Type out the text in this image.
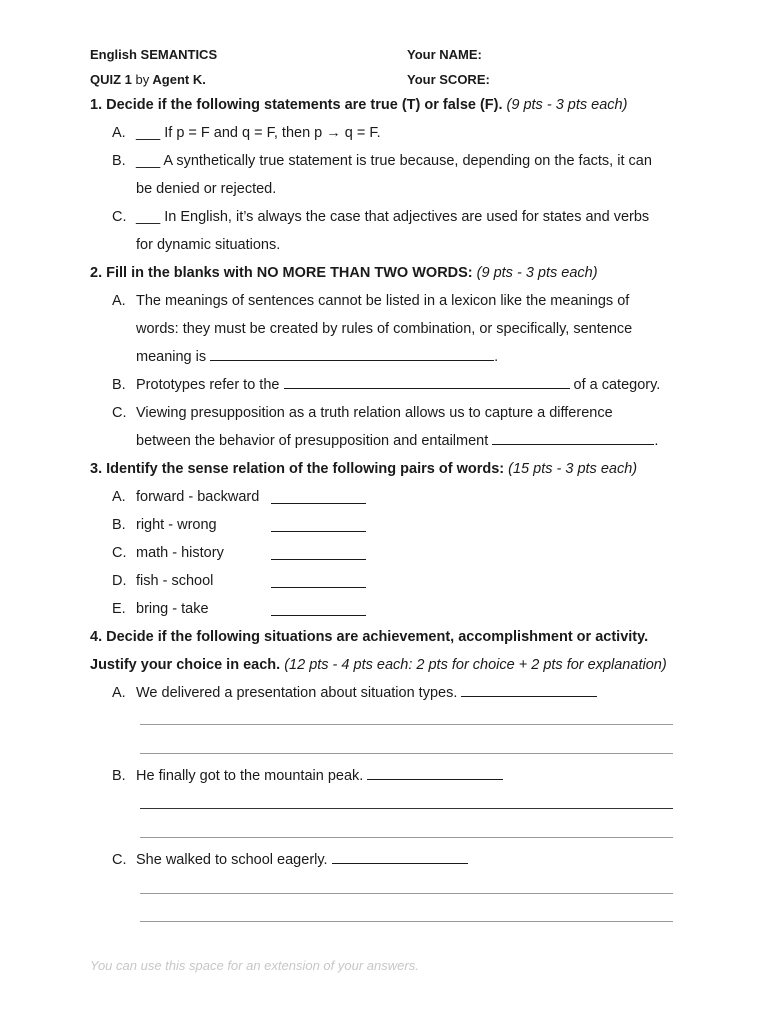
English SEMANTICS	Your NAME:
QUIZ 1 by Agent K.	Your SCORE:
1. Decide if the following statements are true (T) or false (F). (9 pts - 3 pts each)
A. ___ If p = F and q = F, then p → q = F.
B. ___ A synthetically true statement is true because, depending on the facts, it can
be denied or rejected.
C. ___ In English, it’s always the case that adjectives are used for states and verbs
for dynamic situations.
2. Fill in the blanks with NO MORE THAN TWO WORDS: (9 pts - 3 pts each)
A. The meanings of sentences cannot be listed in a lexicon like the meanings of
words: they must be created by rules of combination, or specifically, sentence
meaning is	.
B. Prototypes refer to the	of a category.
C. Viewing presupposition as a truth relation allows us to capture a difference
between the behavior of presupposition and entailment	.
3. Identify the sense relation of the following pairs of words: (15 pts - 3 pts each)
A. forward - backward
B. right - wrong
C. math - history
D. fish - school
E. bring - take
4. Decide if the following situations are achievement, accomplishment or activity.
Justify your choice in each. (12 pts - 4 pts each: 2 pts for choice + 2 pts for explanation)
A. We delivered a presentation about situation types.
B. He finally got to the mountain peak.
C. She walked to school eagerly.
You can use this space for an extension of your answers.
